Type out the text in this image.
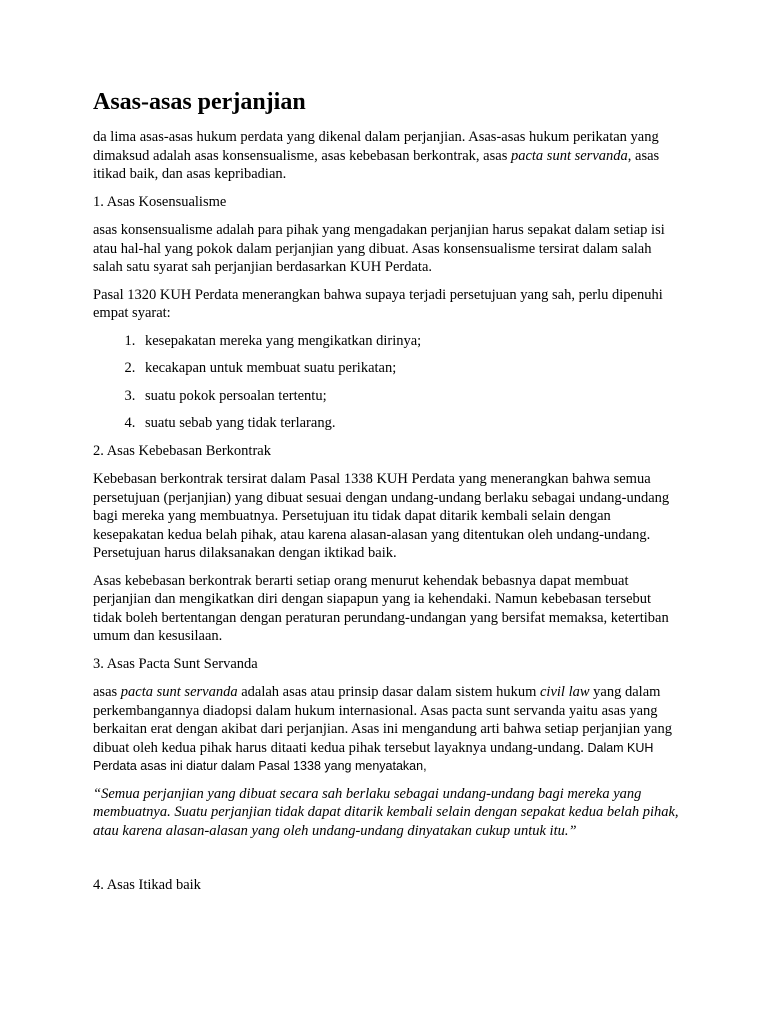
Asas-asas perjanjian

da lima asas-asas hukum perdata yang dikenal dalam perjanjian. Asas-asas hukum perikatan yang dimaksud adalah asas konsensualisme, asas kebebasan berkontrak, asas pacta sunt servanda, asas itikad baik, dan asas kepribadian.

1. Asas Kosensualisme

asas konsensualisme adalah para pihak yang mengadakan perjanjian harus sepakat dalam setiap isi atau hal-hal yang pokok dalam perjanjian yang dibuat. Asas konsensualisme tersirat dalam salah salah satu syarat sah perjanjian berdasarkan KUH Perdata.

Pasal 1320 KUH Perdata menerangkan bahwa supaya terjadi persetujuan yang sah, perlu dipenuhi empat syarat:

1. kesepakatan mereka yang mengikatkan dirinya;
2. kecakapan untuk membuat suatu perikatan;
3. suatu pokok persoalan tertentu;
4. suatu sebab yang tidak terlarang.

2. Asas Kebebasan Berkontrak

Kebebasan berkontrak tersirat dalam Pasal 1338 KUH Perdata yang menerangkan bahwa semua persetujuan (perjanjian) yang dibuat sesuai dengan undang-undang berlaku sebagai undang-undang bagi mereka yang membuatnya. Persetujuan itu tidak dapat ditarik kembali selain dengan kesepakatan kedua belah pihak, atau karena alasan-alasan yang ditentukan oleh undang-undang. Persetujuan harus dilaksanakan dengan iktikad baik.

Asas kebebasan berkontrak berarti setiap orang menurut kehendak bebasnya dapat membuat perjanjian dan mengikatkan diri dengan siapapun yang ia kehendaki. Namun kebebasan tersebut tidak boleh bertentangan dengan peraturan perundang-undangan yang bersifat memaksa, ketertiban umum dan kesusilaan.

3. Asas Pacta Sunt Servanda

asas pacta sunt servanda adalah asas atau prinsip dasar dalam sistem hukum civil law yang dalam perkembangannya diadopsi dalam hukum internasional. Asas pacta sunt servanda yaitu asas yang berkaitan erat dengan akibat dari perjanjian. Asas ini mengandung arti bahwa setiap perjanjian yang dibuat oleh kedua pihak harus ditaati kedua pihak tersebut layaknya undang-undang. Dalam KUH Perdata asas ini diatur dalam Pasal 1338 yang menyatakan,

“Semua perjanjian yang dibuat secara sah berlaku sebagai undang-undang bagi mereka yang membuatnya. Suatu perjanjian tidak dapat ditarik kembali selain dengan sepakat kedua belah pihak, atau karena alasan-alasan yang oleh undang-undang dinyatakan cukup untuk itu.”

4. Asas Itikad baik
